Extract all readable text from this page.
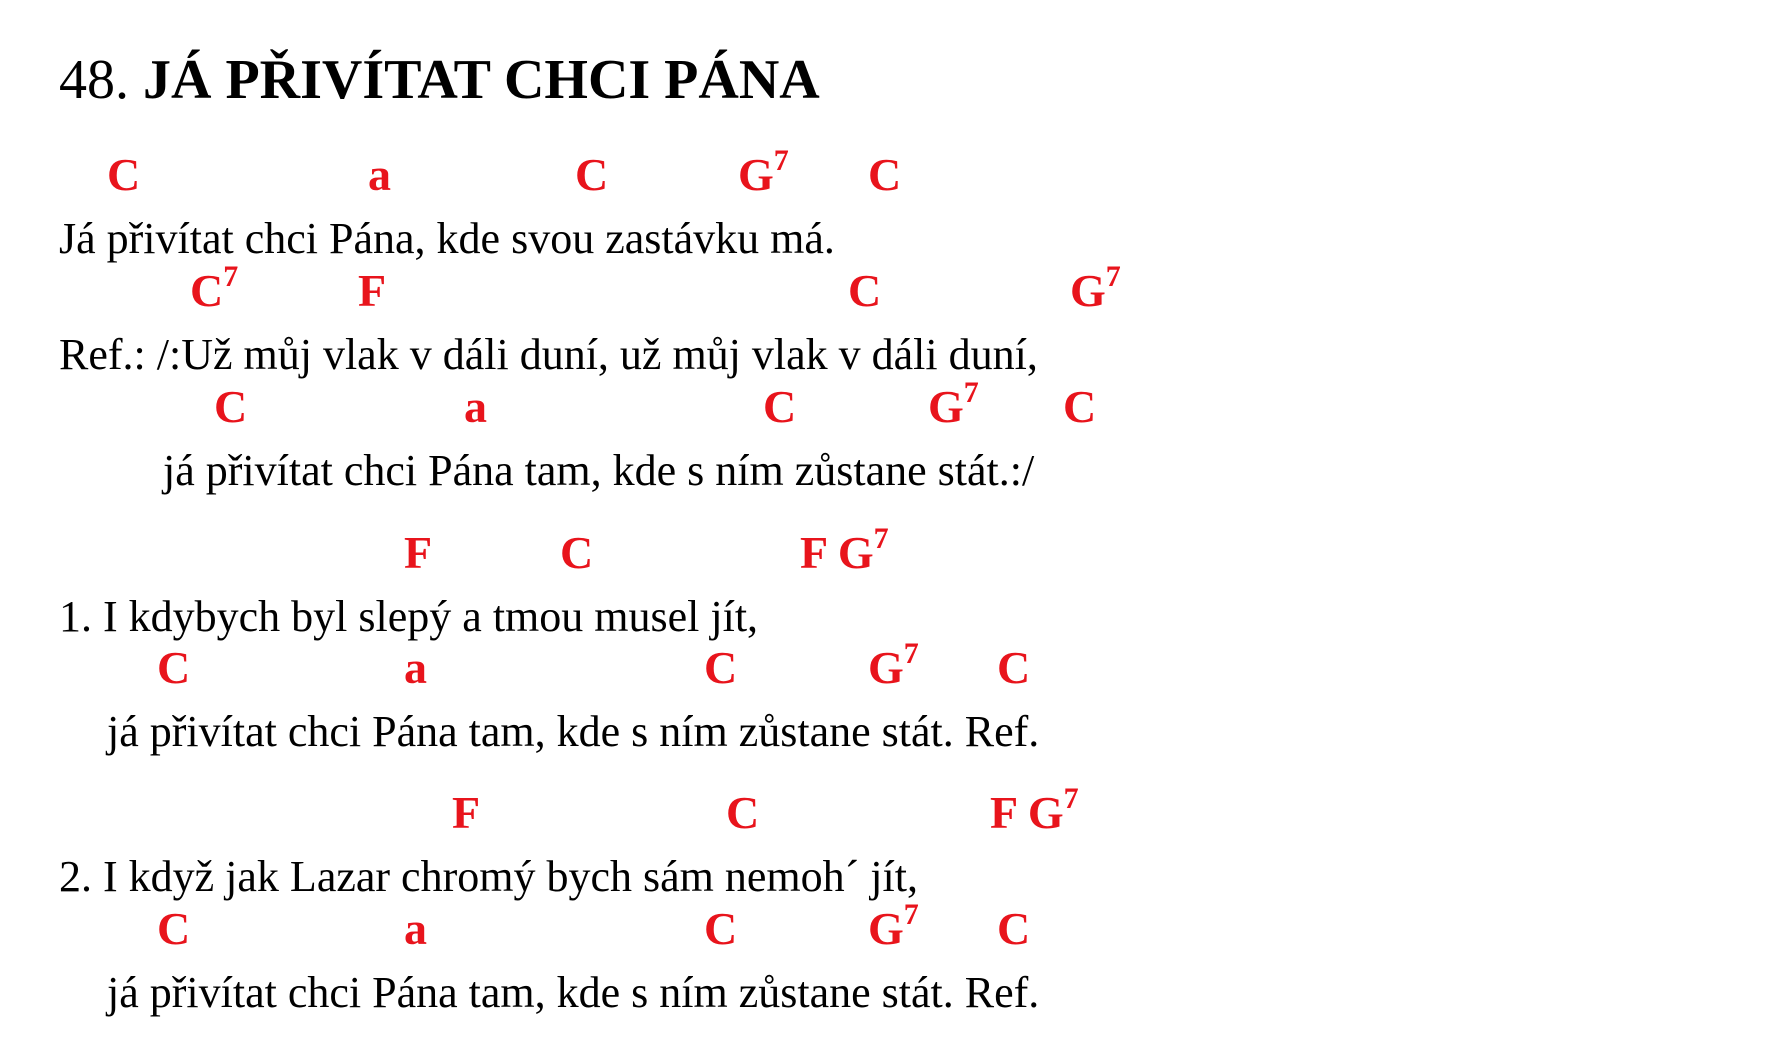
48. JÁ PŘIVÍTAT CHCI PÁNA
C	a	C	$G^7$ C
Já přivítat chci Pána, kde svou zastávku má.
$C^7$	F	C	$G^7$
Ref.: /:Už můj vlak v dáli duní, už můj vlak v dáli duní,
C	a	C	$G^7$ C
já přivítat chci Pána tam, kde s ním zůstane stát.:/
F	C	F $G^7$
1. I kdybych byl slepý a tmou musel jít,
C	a	C	$G^7$ C
já přivítat chci Pána tam, kde s ním zůstane stát. Ref.
F	C	F $G^7$
2. I když jak Lazar chromý bych sám nemoh´ jít,
C	a	C	$G^7$ C
já přivítat chci Pána tam, kde s ním zůstane stát. Ref.
